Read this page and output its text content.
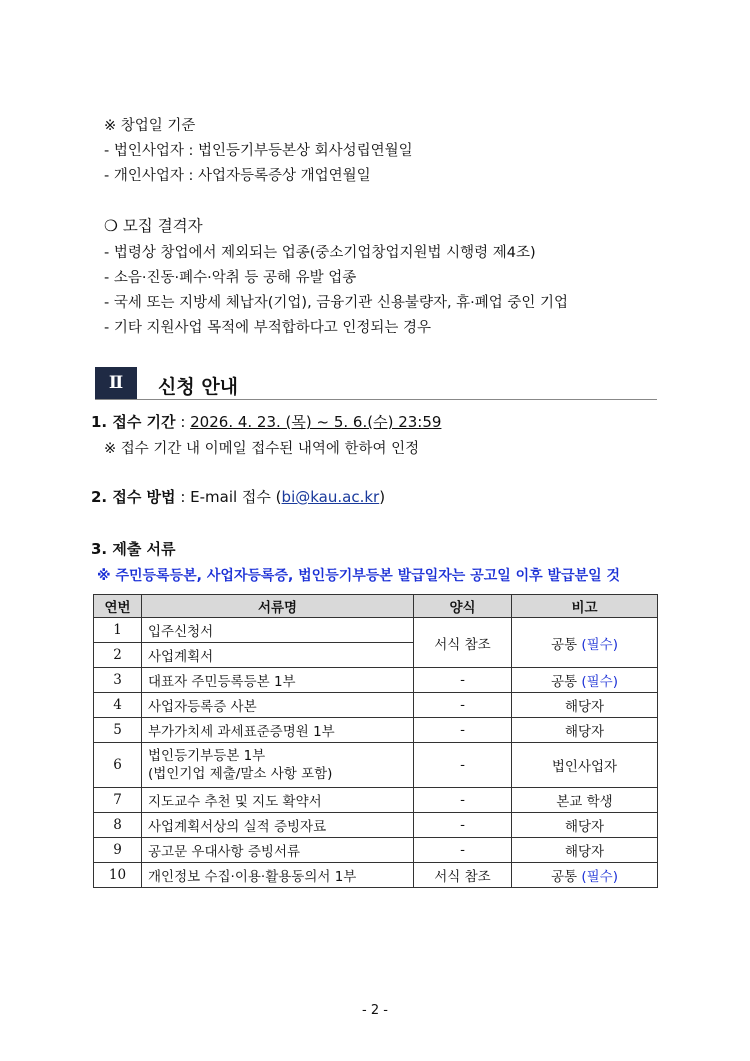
※ 창업일 기준
- 법인사업자 : 법인등기부등본상 회사성립연월일
- 개인사업자 : 사업자등록증상 개업연월일
❍ 모집 결격자
- 법령상 창업에서 제외되는 업종(중소기업창업지원법 시행령 제4조)
- 소음·진동·폐수·악취 등 공해 유발 업종
- 국세 또는 지방세 체납자(기업), 금융기관 신용불량자, 휴·폐업 중인 기업
- 기타 지원사업 목적에 부적합하다고 인정되는 경우
Ⅱ	신청 안내
1. 접수 기간 : 2026. 4. 23. (목) ~ 5. 6.(수) 23:59
※ 접수 기간 내 이메일 접수된 내역에 한하여 인정
2. 접수 방법 : E-mail 접수 (bi@kau.ac.kr)
3. 제출 서류
※ 주민등록등본, 사업자등록증, 법인등기부등본 발급일자는 공고일 이후 발급분일 것
연번	서류명	양식	비고
1	입주신청서	서식 참조	공통 (필수)
2	사업계획서		
3	대표자 주민등록등본 1부	-	공통 (필수)
4	사업자등록증 사본	-	해당자
5	부가가치세 과세표준증명원 1부	-	해당자
6	법인등기부등본 1부
(법인기업 제출/말소 사항 포함)	-	법인사업자
7	지도교수 추천 및 지도 확약서	-	본교 학생
8	사업계획서상의 실적 증빙자료	-	해당자
9	공고문 우대사항 증빙서류	-	해당자
10	개인정보 수집·이용·활용동의서 1부	서식 참조	공통 (필수)
- 2 -
